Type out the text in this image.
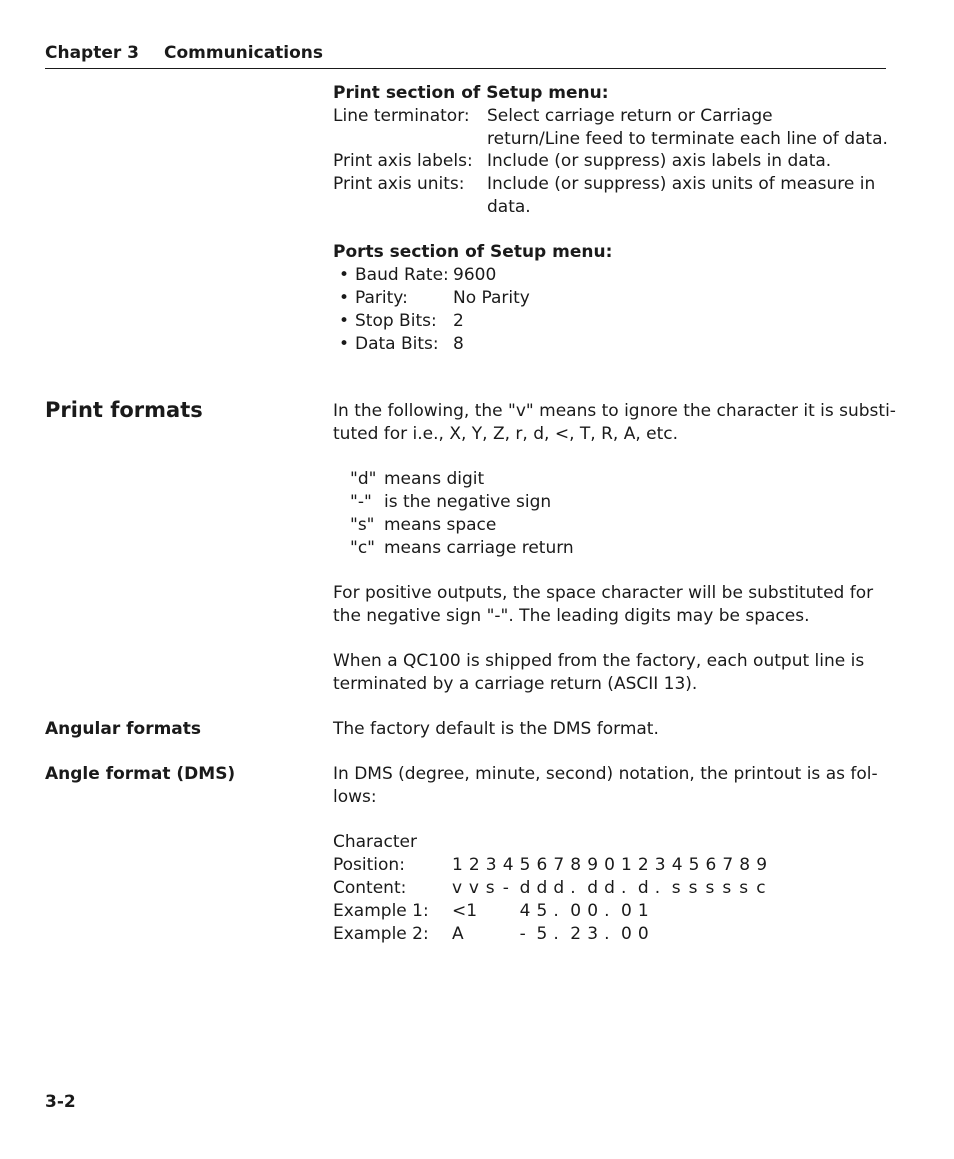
Chapter 3 Communications
Print section of Setup menu:
Line terminator: Select carriage return or Carriage
return/Line feed to terminate each line of data.
Print axis labels: Include (or suppress) axis labels in data.
Print axis units: Include (or suppress) axis units of measure in
data.
Ports section of Setup menu:
• Baud Rate: 9600
• Parity:	No Parity
• Stop Bits: 2
• Data Bits: 8
Print formats	In the following, the "v" means to ignore the character it is substi-
tuted for i.e., X, Y, Z, r, d, <, T, R, A, etc.
"d" means digit
"-" is the negative sign
"s" means space
"c" means carriage return
For positive outputs, the space character will be substituted for
the negative sign "-". The leading digits may be spaces.
When a QC100 is shipped from the factory, each output line is
terminated by a carriage return (ASCII 13).
Angular formats	The factory default is the DMS format.
Angle format (DMS)	In DMS (degree, minute, second) notation, the printout is as fol-
lows:
Character
Position:	1 2 3 4 5 6 7 8 9 0 1 2 3 4 5 6 7 8 9
Content:	v v s - d d d . d d . d . s s s s s c
Example 1: <1	4 5 . 0 0 . 0 1
Example 2: A	- 5 . 2 3 . 0 0
3-2
